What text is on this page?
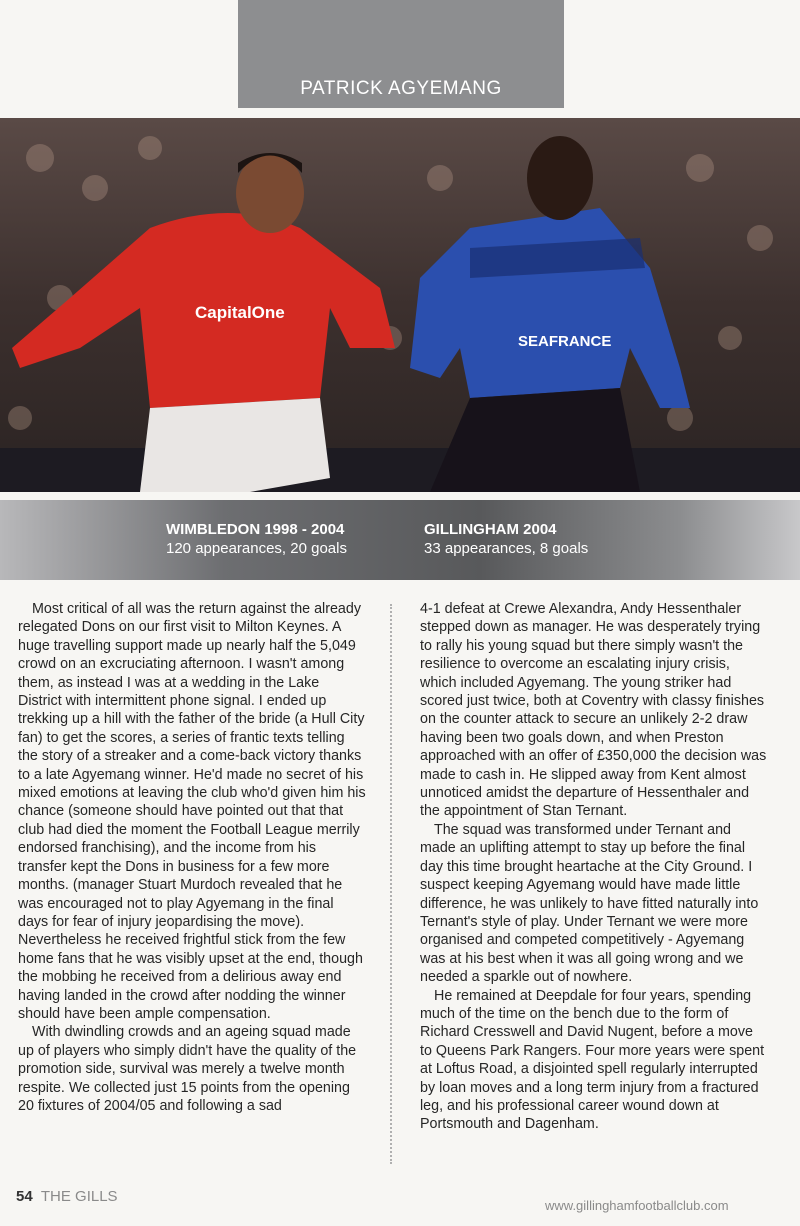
PATRICK AGYEMANG
CapitalOne
SEAFRANCE
WIMBLEDON 1998 - 2004
120 appearances, 20 goals
GILLINGHAM 2004
33 appearances, 8 goals

Most critical of all was the return against the already relegated Dons on our first visit to Milton Keynes. A huge travelling support made up nearly half the 5,049 crowd on an excruciating afternoon. I wasn't among them, as instead I was at a wedding in the Lake District with intermittent phone signal. I ended up trekking up a hill with the father of the bride (a Hull City fan) to get the scores, a series of frantic texts telling the story of a streaker and a come-back victory thanks to a late Agyemang winner. He'd made no secret of his mixed emotions at leaving the club who'd given him his chance (someone should have pointed out that that club had died the moment the Football League merrily endorsed franchising), and the income from his transfer kept the Dons in business for a few more months. (manager Stuart Murdoch revealed that he was encouraged not to play Agyemang in the final days for fear of injury jeopardising the move). Nevertheless he received frightful stick from the few home fans that he was visibly upset at the end, though the mobbing he received from a delirious away end having landed in the crowd after nodding the winner should have been ample compensation.

With dwindling crowds and an ageing squad made up of players who simply didn't have the quality of the promotion side, survival was merely a twelve month respite. We collected just 15 points from the opening 20 fixtures of 2004/05 and following a sad

4-1 defeat at Crewe Alexandra, Andy Hessenthaler stepped down as manager. He was desperately trying to rally his young squad but there simply wasn't the resilience to overcome an escalating injury crisis, which included Agyemang. The young striker had scored just twice, both at Coventry with classy finishes on the counter attack to secure an unlikely 2-2 draw having been two goals down, and when Preston approached with an offer of £350,000 the decision was made to cash in. He slipped away from Kent almost unnoticed amidst the departure of Hessenthaler and the appointment of Stan Ternant.

The squad was transformed under Ternant and made an uplifting attempt to stay up before the final day this time brought heartache at the City Ground. I suspect keeping Agyemang would have made little difference, he was unlikely to have fitted naturally into Ternant's style of play. Under Ternant we were more organised and competed competitively - Agyemang was at his best when it was all going wrong and we needed a sparkle out of nowhere.

He remained at Deepdale for four years, spending much of the time on the bench due to the form of Richard Cresswell and David Nugent, before a move to Queens Park Rangers. Four more years were spent at Loftus Road, a disjointed spell regularly interrupted by loan moves and a long term injury from a fractured leg, and his professional career wound down at Portsmouth and Dagenham.

54 THE GILLS
www.gillinghamfootballclub.com
